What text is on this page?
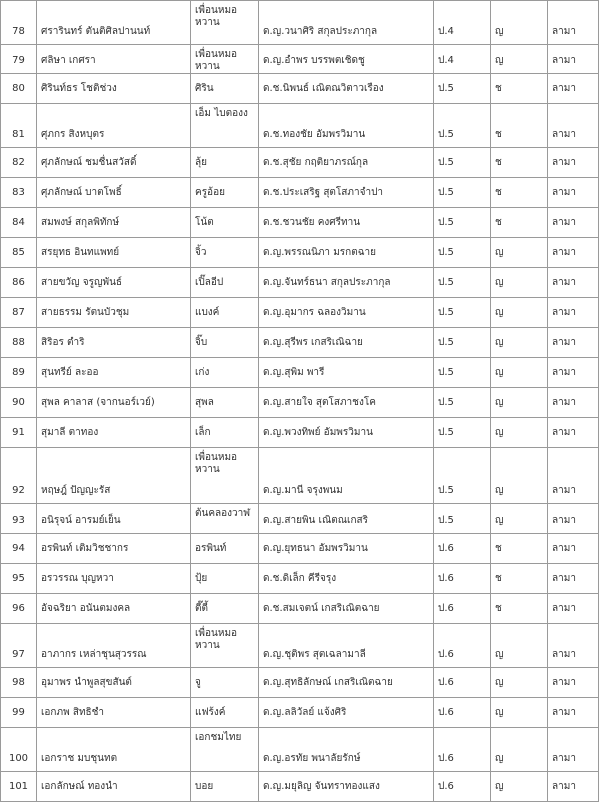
78	ศรารินทร์ ตันติศิลปานนท์	เพื่อนหมอหวาน	ด.ญ.วนาศิริ สกุลประภากุล	ป.4	ญ	ลามา
79	ศลิษา เกศรา	เพื่อนหมอหวาน	ด.ญ.อำพร บรรพตเชิดชู	ป.4	ญ	ลามา
80	ศิรินท์ธร โชติช่วง	ศิริน	ด.ช.นิพนธ์ เณิตณวิตาวเรือง	ป.5	ช	ลามา
81	ศุภกร สิงหบุตร	เอ็ม ไบตองง	ด.ช.ทองชัย อัมพรวิมาน	ป.5	ช	ลามา
82	ศุภลักษณ์ ชมชื่นสวัสดิ์	ลุ้ย	ด.ช.สุชัย กฤติยาภรณ์กุล	ป.5	ช	ลามา
83	ศุภลักษณ์ บาตโพธิ์	ครูอ้อย	ด.ช.ประเสริฐ สุตโสภาจำปา	ป.5	ช	ลามา
84	สมพงษ์ สกุลพิทักษ์	โน้ต	ด.ช.ชวนชัย คงศรีทาน	ป.5	ช	ลามา
85	สรยุทธ อินทแพทย์	จิ้ว	ด.ญ.พรรณนิภา มรกตฉาย	ป.5	ญ	ลามา
86	สายขวัญ จรูญพันธ์	เปิ๊ลอีป	ด.ญ.จันทร์ธนา สกุลประภากุล	ป.5	ญ	ลามา
87	สายธรรม รัตนบัวชุม	แบงค์	ด.ญ.อุมากร ฉลองวิมาน	ป.5	ญ	ลามา
88	สิริอร ตำริ	จิ๊บ	ด.ญ.สุรีพร เกสริเณิฉาย	ป.5	ญ	ลามา
89	สุนทรีย์ ละออ	เก่ง	ด.ญ.สุพิม พารี	ป.5	ญ	ลามา
90	สุพล คาลาส (จากนอร์เวย์)	สุพล	ด.ญ.สายใจ สุตโสภาชงโค	ป.5	ญ	ลามา
91	สุมาลี ตาทอง	เล็ก	ด.ญ.พวงทิพย์ อัมพรวิมาน	ป.5	ญ	ลามา
92	หฤษฎ์ ปัญญะรัส	เพื่อนหมอหวาน	ด.ญ.มานี จรุงพนม	ป.5	ญ	ลามา
93	อนิรุจน์ อารมย์เย็น	ต้นคลองวาฬ	ด.ญ.สายพิน เณิตณเกสริ	ป.5	ญ	ลามา
94	อรพินท์ เติมวิชชากร	อรพินท์	ด.ญ.ยุทธนา อัมพรวิมาน	ป.6	ช	ลามา
95	อรวรรณ บุญหวา	ปุ้ย	ด.ช.ดิเล็ก คีรีจรุง	ป.6	ช	ลามา
96	อัจฉริยา อนันตมงคล	ตี๊ตี้	ด.ช.สมเจตน์ เกสริเณิตฉาย	ป.6	ช	ลามา
97	อาภากร เหล่าชุนสุวรรณ	เพื่อนหมอหวาน	ด.ญ.ชุติพร สุตเฉลามาลี	ป.6	ญ	ลามา
98	อุมาพร นำพูลสุขสันต์	จู	ด.ญ.สุทธิลักษณ์ เกสริเณิตฉาย	ป.6	ญ	ลามา
99	เอกภพ สิทธิชำ	แฟร้งค์	ด.ญ.ลลิวัลย์ แจ้งศิริ	ป.6	ญ	ลามา
100	เอกราช มบชุนทต	เอกชมไทย	ด.ญ.อรทัย พนาลัยรักษ์	ป.6	ญ	ลามา
101	เอกลักษณ์ ทองนำ	บอย	ด.ญ.มยุลิญ จันทราทองแสง	ป.6	ญ	ลามา
